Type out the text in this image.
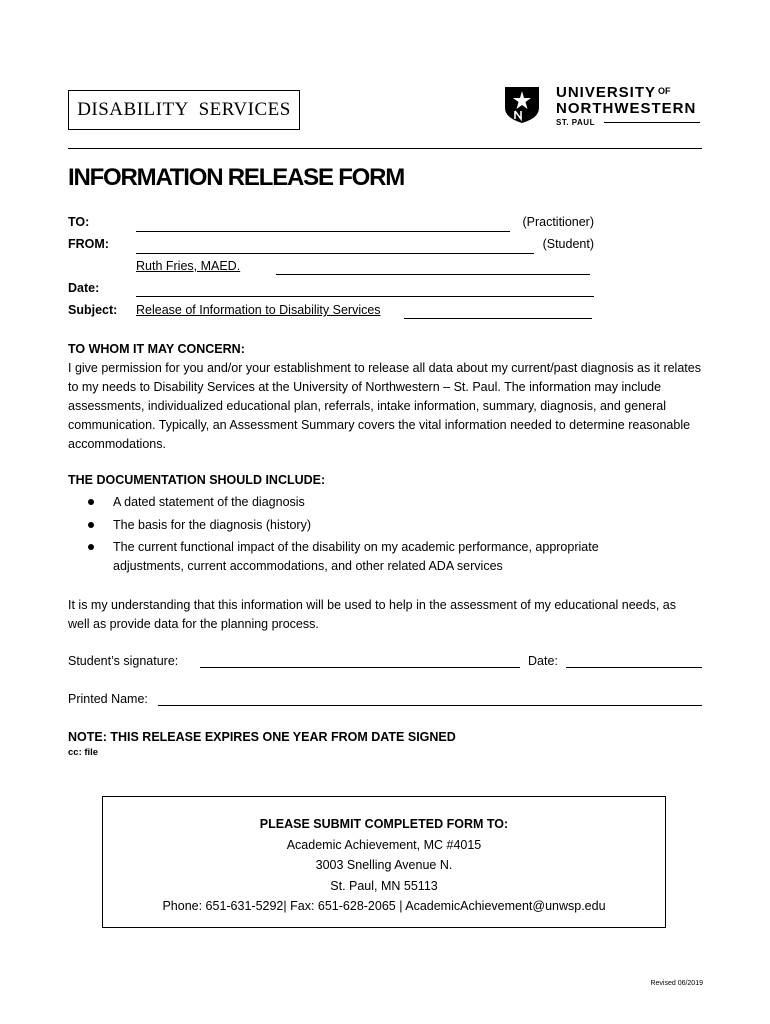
DISABILITY  SERVICES
UNIVERSITY $^{OF}$
NORTHWESTERN
ST. PAUL
INFORMATION RELEASE FORM
TO:	(Practitioner)
FROM:	(Student)
Ruth Fries, MAED.
Date:
Subject: Release of Information to Disability Services
TO WHOM IT MAY CONCERN:
I give permission for you and/or your establishment to release all data about my current/past diagnosis as it relates to my needs to Disability Services at the University of Northwestern – St. Paul. The information may include assessments, individualized educational plan, referrals, intake information, summary, diagnosis, and general communication. Typically, an Assessment Summary covers the vital information needed to determine reasonable accommodations.
THE DOCUMENTATION SHOULD INCLUDE:
A dated statement of the diagnosis
The basis for the diagnosis (history)
The current functional impact of the disability on my academic performance, appropriate adjustments, current accommodations, and other related ADA services
It is my understanding that this information will be used to help in the assessment of my educational needs, as well as provide data for the planning process.
Student’s signature:	Date:
Printed Name:
NOTE: THIS RELEASE EXPIRES ONE YEAR FROM DATE SIGNED
cc: file
PLEASE SUBMIT COMPLETED FORM TO:
Academic Achievement, MC #4015
3003 Snelling Avenue N.
St. Paul, MN 55113
Phone: 651-631-5292| Fax: 651-628-2065 | AcademicAchievement@unwsp.edu
Revised 06/2019
